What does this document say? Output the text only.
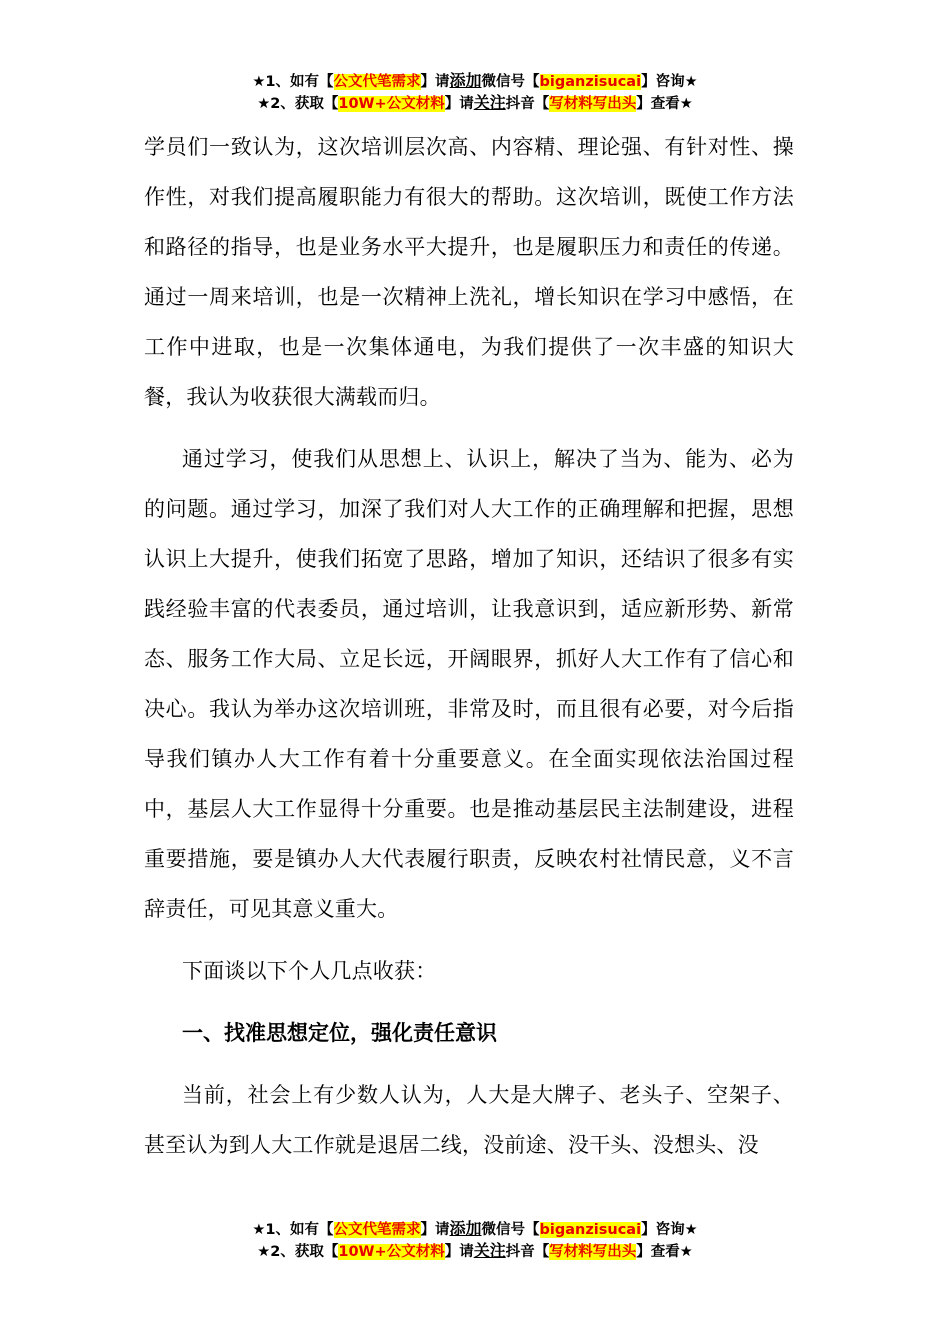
★1、如有【公文代笔需求】请添加微信号【biganzisucai】咨询★
★2、获取【10W+公文材料】请关注抖音【写材料写出头】查看★

学员们一致认为，这次培训层次高、内容精、理论强、有针对性、操作性，对我们提高履职能力有很大的帮助。这次培训，既使工作方法和路径的指导，也是业务水平大提升，也是履职压力和责任的传递。通过一周来培训，也是一次精神上洗礼，增长知识在学习中感悟，在工作中进取，也是一次集体通电，为我们提供了一次丰盛的知识大餐，我认为收获很大满载而归。

通过学习，使我们从思想上、认识上，解决了当为、能为、必为的问题。通过学习，加深了我们对人大工作的正确理解和把握，思想认识上大提升，使我们拓宽了思路，增加了知识，还结识了很多有实践经验丰富的代表委员，通过培训，让我意识到，适应新形势、新常态、服务工作大局、立足长远，开阔眼界，抓好人大工作有了信心和决心。我认为举办这次培训班，非常及时，而且很有必要，对今后指导我们镇办人大工作有着十分重要意义。在全面实现依法治国过程中，基层人大工作显得十分重要。也是推动基层民主法制建设，进程重要措施，要是镇办人大代表履行职责，反映农村社情民意，义不言辞责任，可见其意义重大。

下面谈以下个人几点收获：

一、找准思想定位，强化责任意识

当前，社会上有少数人认为，人大是大牌子、老头子、空架子、甚至认为到人大工作就是退居二线，没前途、没干头、没想头、没

★1、如有【公文代笔需求】请添加微信号【biganzisucai】咨询★
★2、获取【10W+公文材料】请关注抖音【写材料写出头】查看★
